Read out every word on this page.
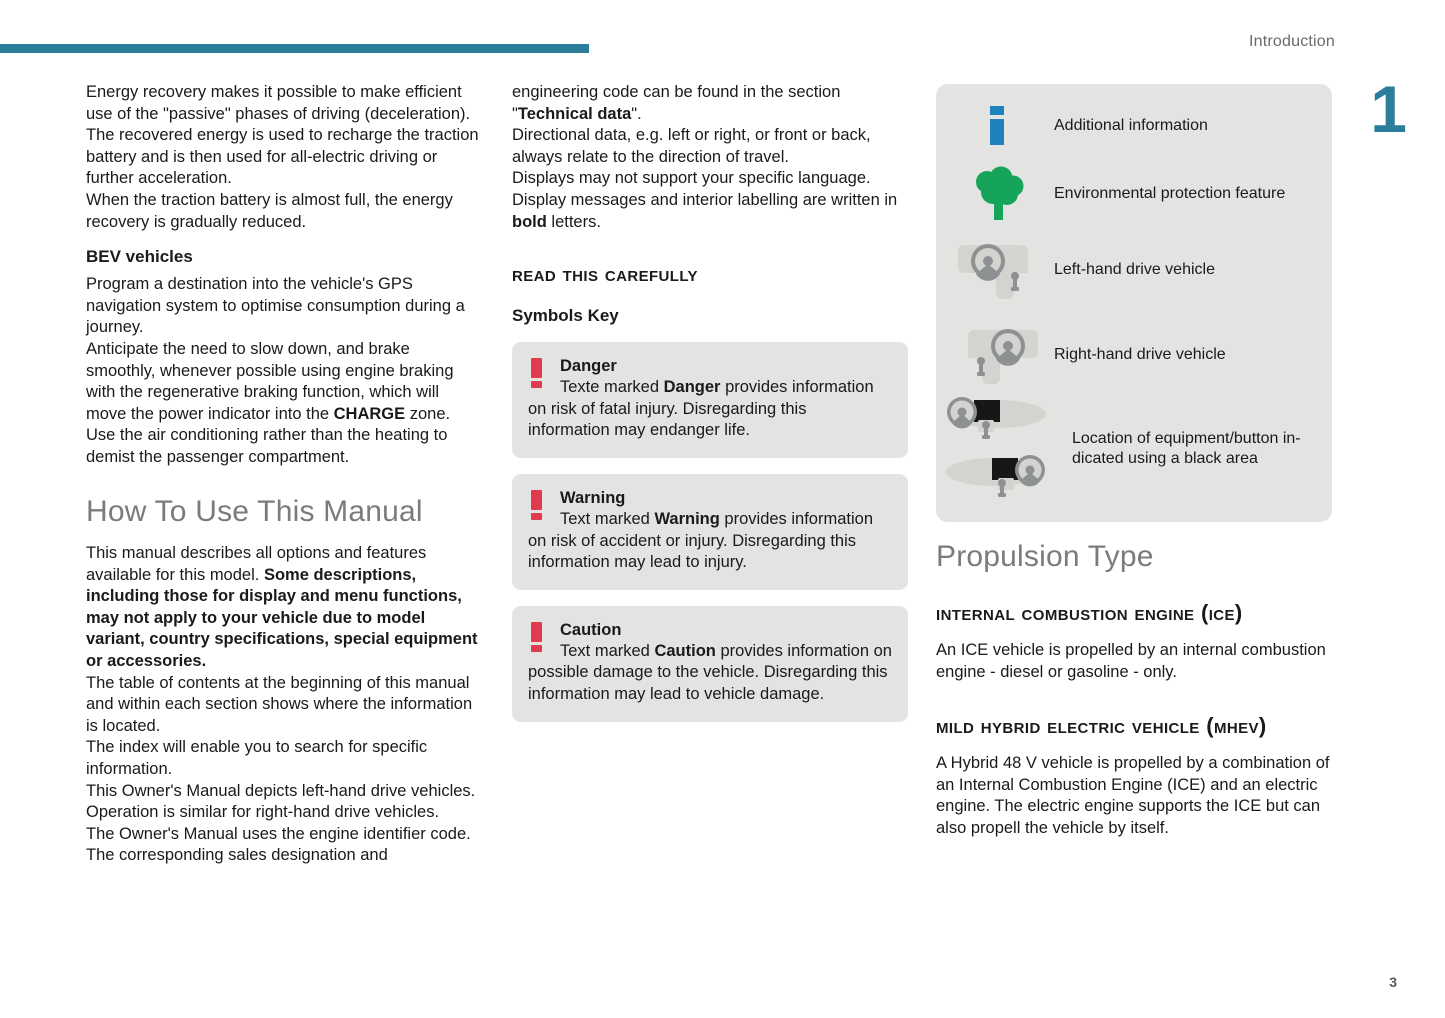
Introduction
1
3

Energy recovery makes it possible to make efficient use of the "passive" phases of driving (deceleration).

The recovered energy is used to recharge the traction battery and is then used for all-electric driving or further acceleration.

When the traction battery is almost full, the energy recovery is gradually reduced.

BEV vehicles

Program a destination into the vehicle's GPS navigation system to optimise consumption during a journey.

Anticipate the need to slow down, and brake smoothly, whenever possible using engine braking with the regenerative braking function, which will move the power indicator into the CHARGE zone.

Use the air conditioning rather than the heating to demist the passenger compartment.

How To Use This Manual

This manual describes all options and features available for this model. Some descriptions, including those for display and menu functions, may not apply to your vehicle due to model variant, country specifications, special equipment or accessories.

The table of contents at the beginning of this manual and within each section shows where the information is located.

The index will enable you to search for specific information.

This Owner's Manual depicts left-hand drive vehicles. Operation is similar for right-hand drive vehicles.

The Owner's Manual uses the engine identifier code. The corresponding sales designation and

engineering code can be found in the section "Technical data".

Directional data, e.g. left or right, or front or back, always relate to the direction of travel.

Displays may not support your specific language.

Display messages and interior labelling are written in bold letters.

read this carefully
Symbols Key
Danger
Texte marked Danger provides information on risk of fatal injury. Disregarding this information may endanger life.
Warning
Text marked Warning provides information on risk of accident or injury. Disregarding this information may lead to injury.
Caution
Text marked Caution provides information on possible damage to the vehicle. Disregarding this information may lead to vehicle damage.
Additional information
Environmental protection feature
Left-hand drive vehicle
Right-hand drive vehicle
Location of equipment/button in- dicated using a black area
Propulsion Type
internal combustion engine (ice)

An ICE vehicle is propelled by an internal combustion engine - diesel or gasoline - only.

mild hybrid electric vehicle (mhev)

A Hybrid 48 V vehicle is propelled by a combination of an Internal Combustion Engine (ICE) and an electric engine. The electric engine supports the ICE but can also propell the vehicle by itself.
